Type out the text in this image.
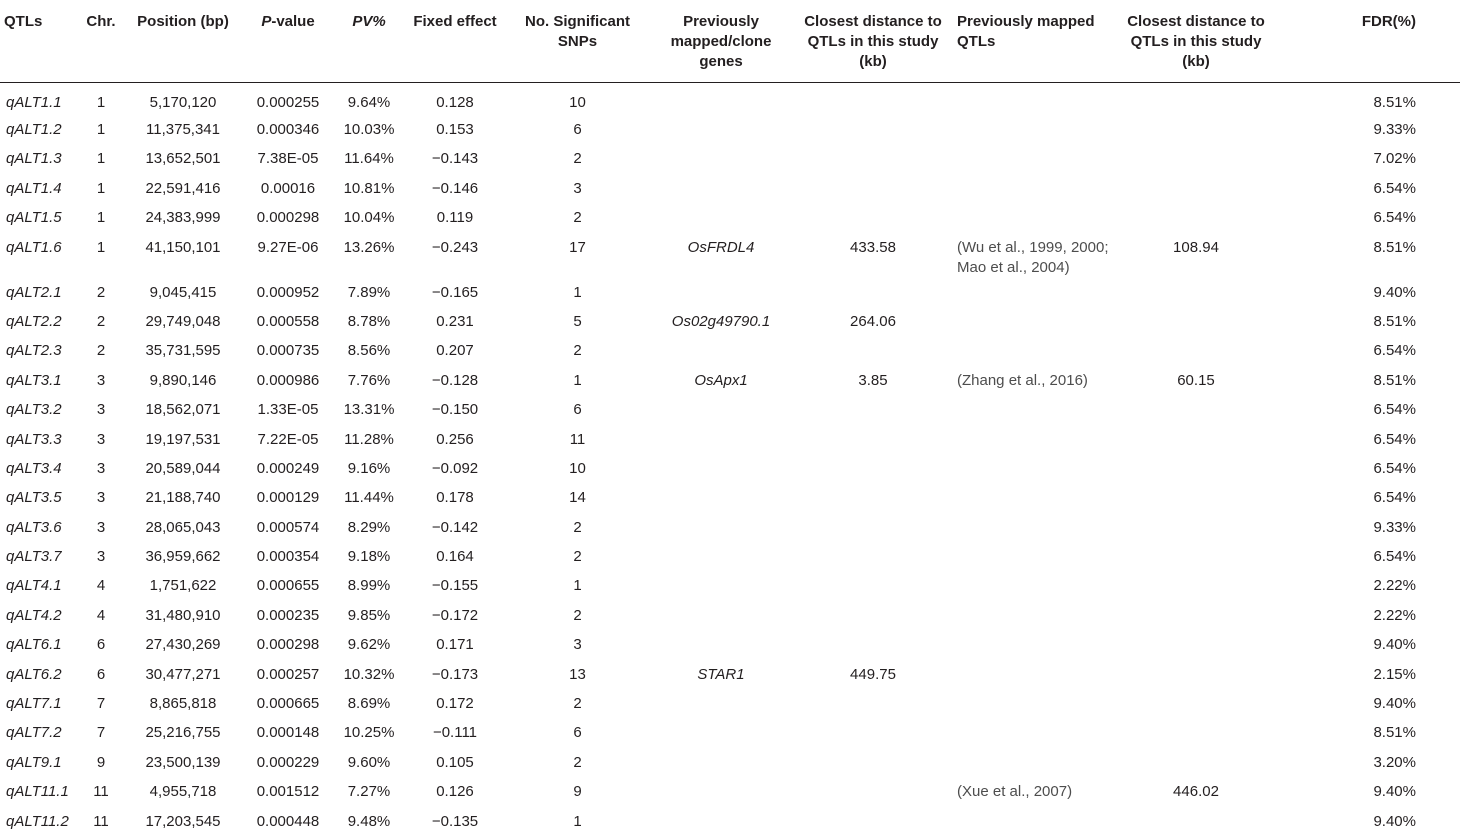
QTLs	Chr.	Position (bp)	P-value	PV%	Fixed effect	No. Significant
SNPs	Previously
mapped/clone
genes	Closest distance to
QTLs in this study
(kb)	Previously mapped
QTLs	Closest distance to
QTLs in this study
(kb)	FDR(%)
qALT1.1	1	5,170,120	0.000255	9.64%	0.128	10					8.51%
qALT1.2	1	11,375,341	0.000346	10.03%	0.153	6					9.33%
qALT1.3	1	13,652,501	7.38E-05	11.64%	−0.143	2					7.02%
qALT1.4	1	22,591,416	0.00016	10.81%	−0.146	3					6.54%
qALT1.5	1	24,383,999	0.000298	10.04%	0.119	2					6.54%
qALT1.6	1	41,150,101	9.27E-06	13.26%	−0.243	17	OsFRDL4	433.58	(Wu et al., 1999, 2000;
Mao et al., 2004)	108.94	8.51%
qALT2.1	2	9,045,415	0.000952	7.89%	−0.165	1					9.40%
qALT2.2	2	29,749,048	0.000558	8.78%	0.231	5	Os02g49790.1	264.06			8.51%
qALT2.3	2	35,731,595	0.000735	8.56%	0.207	2					6.54%
qALT3.1	3	9,890,146	0.000986	7.76%	−0.128	1	OsApx1	3.85	(Zhang et al., 2016)	60.15	8.51%
qALT3.2	3	18,562,071	1.33E-05	13.31%	−0.150	6					6.54%
qALT3.3	3	19,197,531	7.22E-05	11.28%	0.256	11					6.54%
qALT3.4	3	20,589,044	0.000249	9.16%	−0.092	10					6.54%
qALT3.5	3	21,188,740	0.000129	11.44%	0.178	14					6.54%
qALT3.6	3	28,065,043	0.000574	8.29%	−0.142	2					9.33%
qALT3.7	3	36,959,662	0.000354	9.18%	0.164	2					6.54%
qALT4.1	4	1,751,622	0.000655	8.99%	−0.155	1					2.22%
qALT4.2	4	31,480,910	0.000235	9.85%	−0.172	2					2.22%
qALT6.1	6	27,430,269	0.000298	9.62%	0.171	3					9.40%
qALT6.2	6	30,477,271	0.000257	10.32%	−0.173	13	STAR1	449.75			2.15%
qALT7.1	7	8,865,818	0.000665	8.69%	0.172	2					9.40%
qALT7.2	7	25,216,755	0.000148	10.25%	−0.111	6					8.51%
qALT9.1	9	23,500,139	0.000229	9.60%	0.105	2					3.20%
qALT11.1	11	4,955,718	0.001512	7.27%	0.126	9			(Xue et al., 2007)	446.02	9.40%
qALT11.2	11	17,203,545	0.000448	9.48%	−0.135	1					9.40%
